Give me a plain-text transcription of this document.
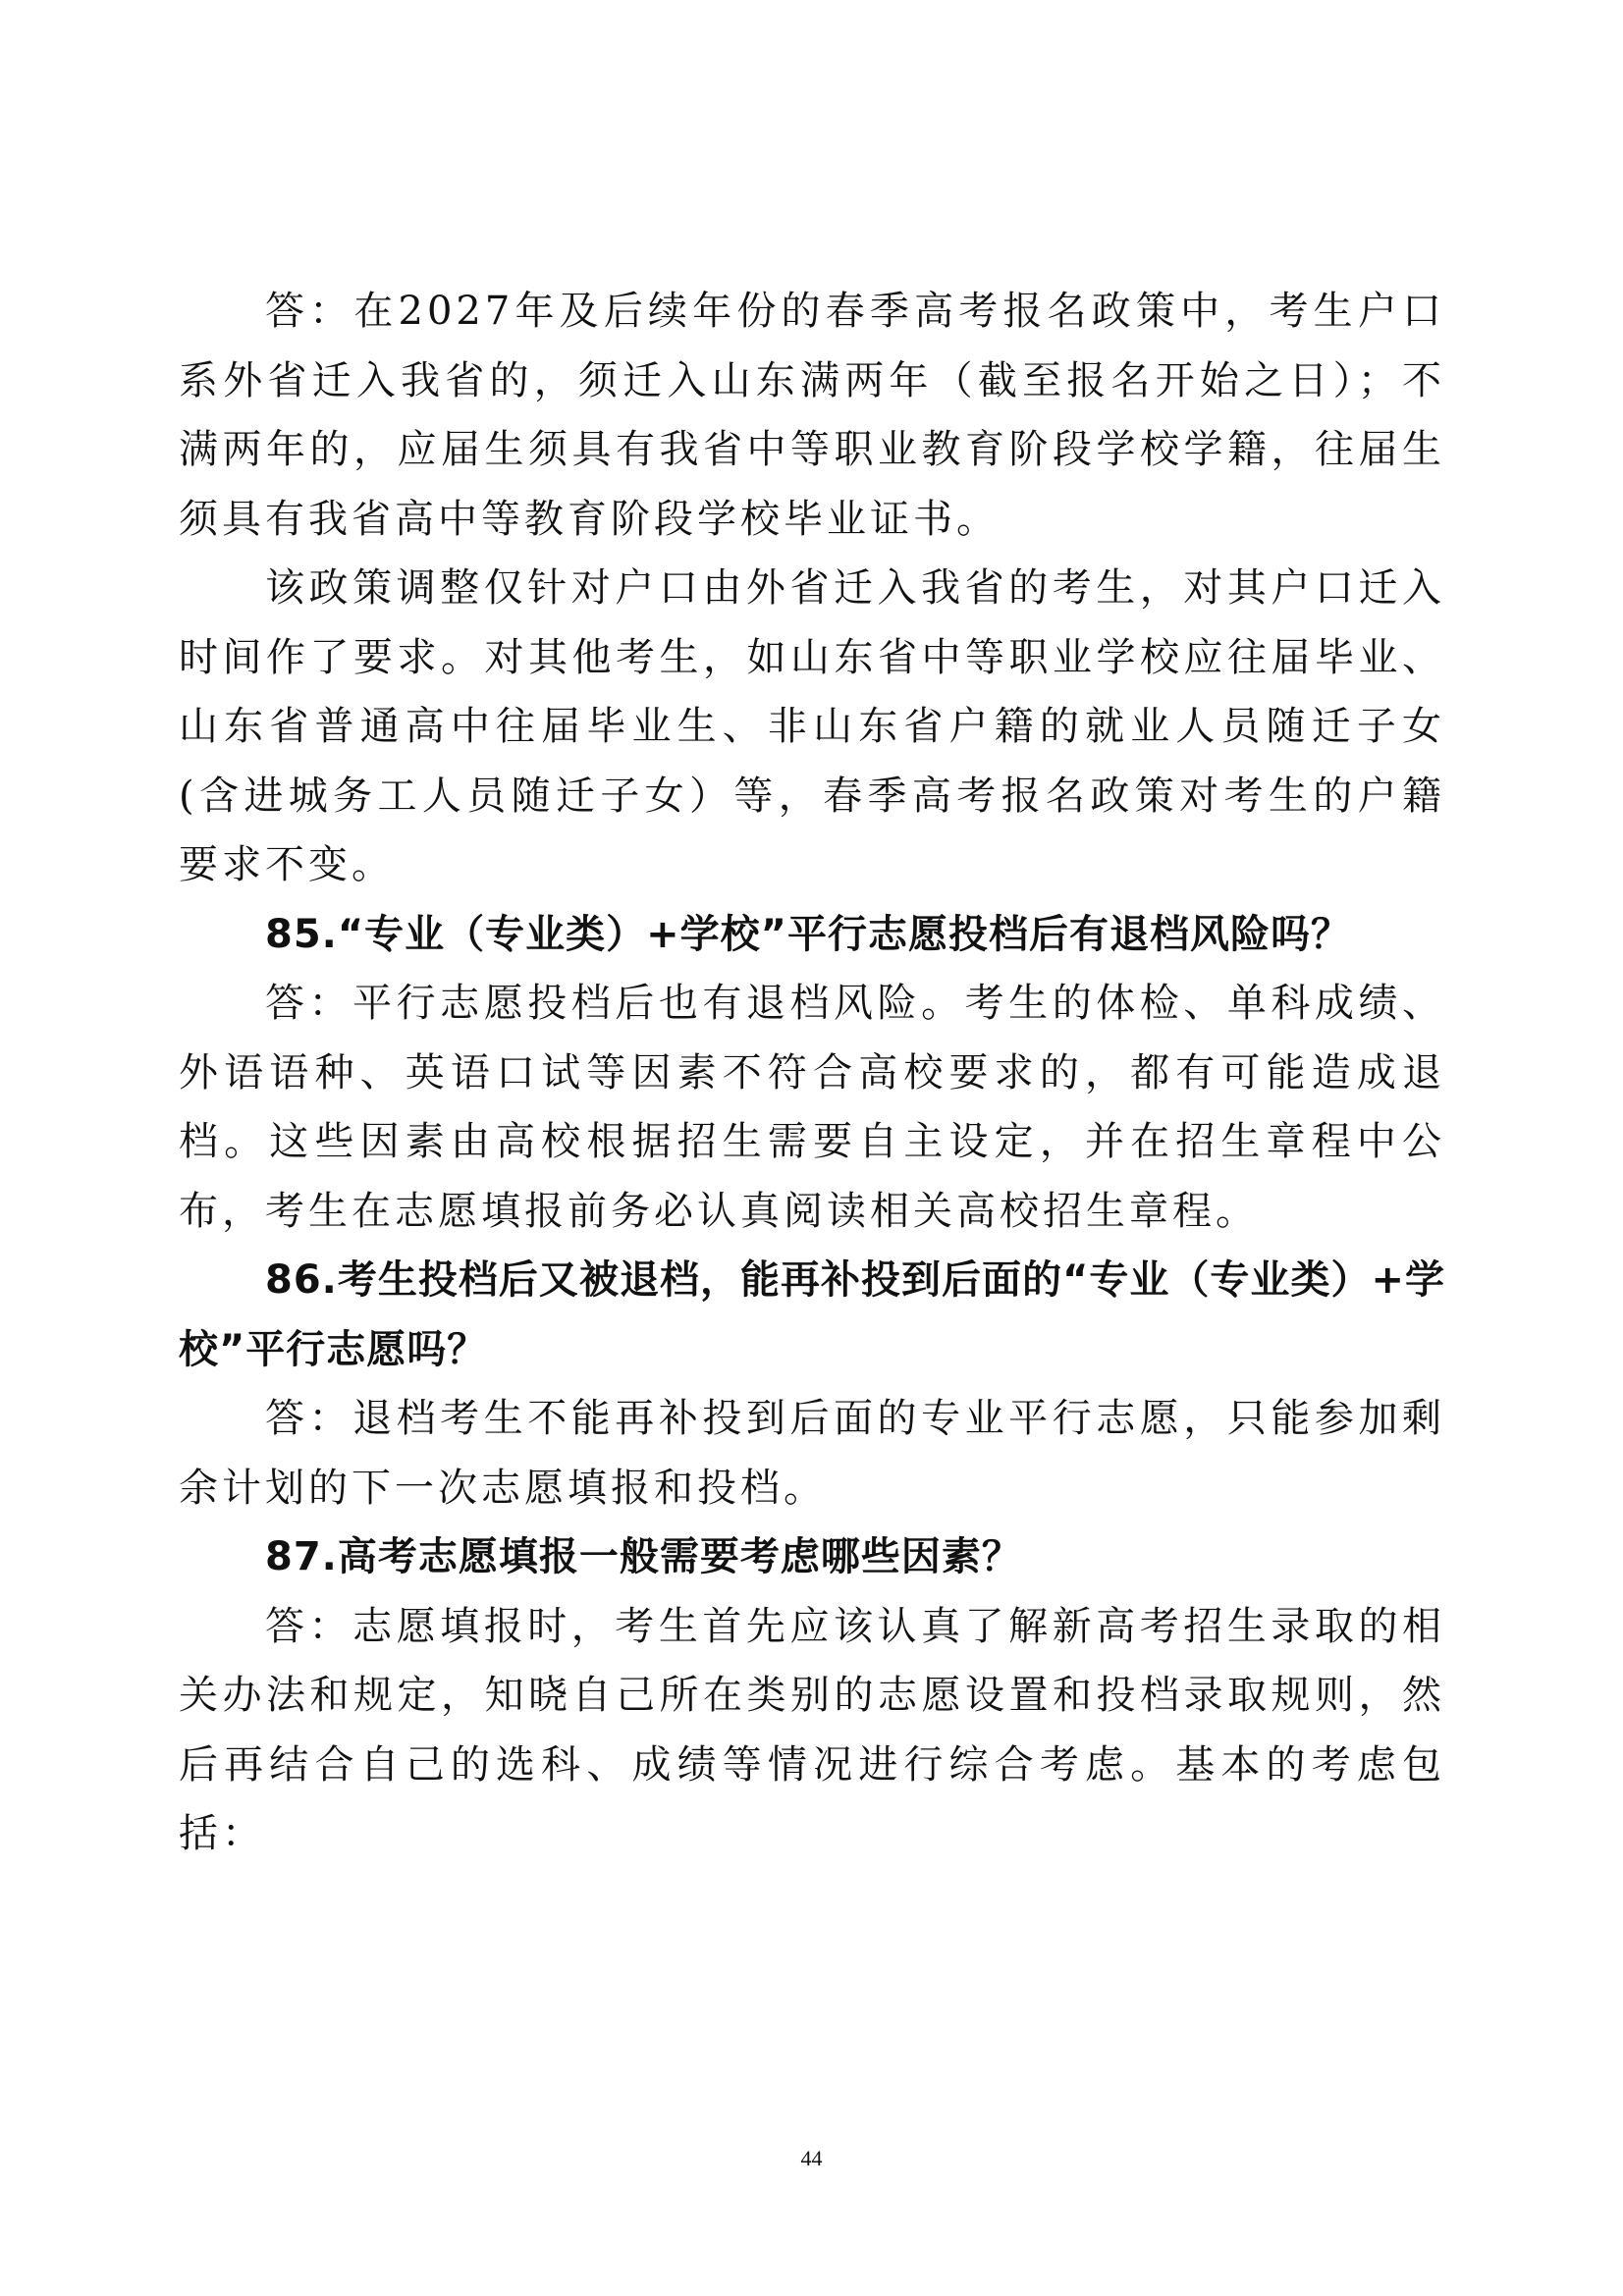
答：在2027年及后续年份的春季高考报名政策中，考生户口系外省迁入我省的，须迁入山东满两年（截至报名开始之日）；不满两年的，应届生须具有我省中等职业教育阶段学校学籍，往届生须具有我省高中等教育阶段学校毕业证书。

该政策调整仅针对户口由外省迁入我省的考生，对其户口迁入时间作了要求。对其他考生，如山东省中等职业学校应往届毕业、山东省普通高中往届毕业生、非山东省户籍的就业人员随迁子女(含进城务工人员随迁子女）等，春季高考报名政策对考生的户籍要求不变。

85.“专业（专业类）+学校”平行志愿投档后有退档风险吗？

答：平行志愿投档后也有退档风险。考生的体检、单科成绩、外语语种、英语口试等因素不符合高校要求的，都有可能造成退档。这些因素由高校根据招生需要自主设定，并在招生章程中公布，考生在志愿填报前务必认真阅读相关高校招生章程。

86.考生投档后又被退档，能再补投到后面的“专业（专业类）+学校”平行志愿吗？

答：退档考生不能再补投到后面的专业平行志愿，只能参加剩余计划的下一次志愿填报和投档。

87.高考志愿填报一般需要考虑哪些因素？

答：志愿填报时，考生首先应该认真了解新高考招生录取的相关办法和规定，知晓自己所在类别的志愿设置和投档录取规则，然后再结合自己的选科、成绩等情况进行综合考虑。基本的考虑包括：

44
